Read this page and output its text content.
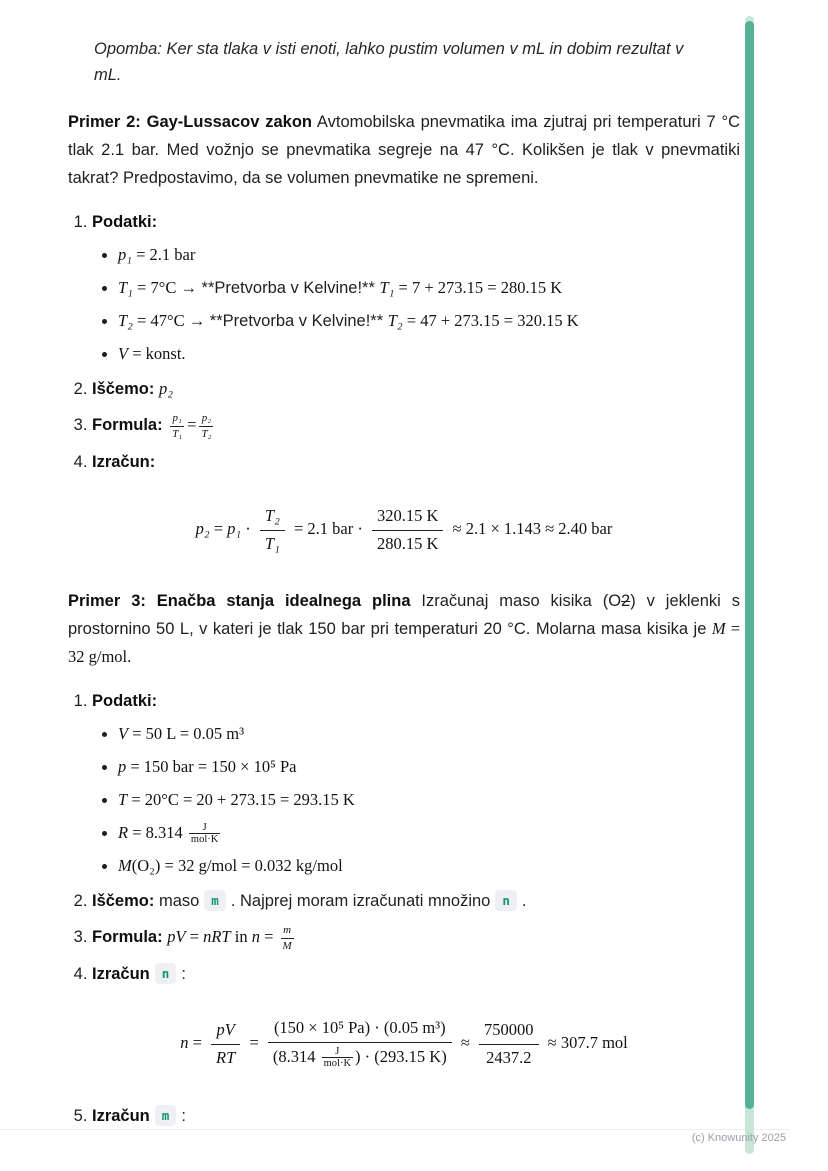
Opomba: Ker sta tlaka v isti enoti, lahko pustim volumen v mL in dobim rezultat v mL.

Primer 2: Gay-Lussacov zakon Avtomobilska pnevmatika ima zjutraj pri temperaturi 7 °C tlak 2.1 bar. Med vožnjo se pnevmatika segreje na 47 °C. Kolikšen je tlak v pnevmatiki takrat? Predpostavimo, da se volumen pnevmatike ne spremeni.

1. Podatki:
• p₁ = 2.1 bar
• T₁ = 7°C → **Pretvorba v Kelvine!** T₁ = 7 + 273.15 = 280.15 K
• T₂ = 47°C → **Pretvorba v Kelvine!** T₂ = 47 + 273.15 = 320.15 K
• V = konst.
2. Iščemo: p₂
3. Formula: $\frac{\text{p₁}}{\text{T₁}} = \frac{\text{p₂}}{\text{T₂}}$
4. Izračun:
$p_2 = p_1 \cdot \frac{\text{T₂}}{\text{T₁}} = 2.1$ bar · $\frac{320.15 K}{280.15 K} \approx 2.1 \times 1.143 \approx 2.40$ bar

Primer 3: Enačba stanja idealnega plina Izračunaj maso kisika (O2) v jeklenki s prostornino 50 L, v kateri je tlak 150 bar pri temperaturi 20 °C. Molarna masa kisika je M = 32 g/mol.

1. Podatki:
• V = 50 L = 0.05 m³
• p = 150 bar = 150 × 10⁵ Pa
• T = 20°C = 20 + 273.15 = 293.15 K
• $R = 8.314 \frac{J}{\text{mol·K}}$
• M(O₂) = 32 g/mol = 0.032 kg/mol
2. Iščemo: maso m . Najprej moram izračunati množino n .
3. Formula: pV = nRT in $n = \frac{m}{M}$
4. Izračun n :
$n = \frac{pV}{RT} = \frac{\text{(150 × 10⁵ Pa) · (0.05 m³)}}{(8.314 \frac{J}{\text{mol·K}} ) \cdot (293.15 K)} \approx \frac{750000}{2437.2} \approx 307.7$ mol
5. Izračun m :
(c) Knowunity 2025
